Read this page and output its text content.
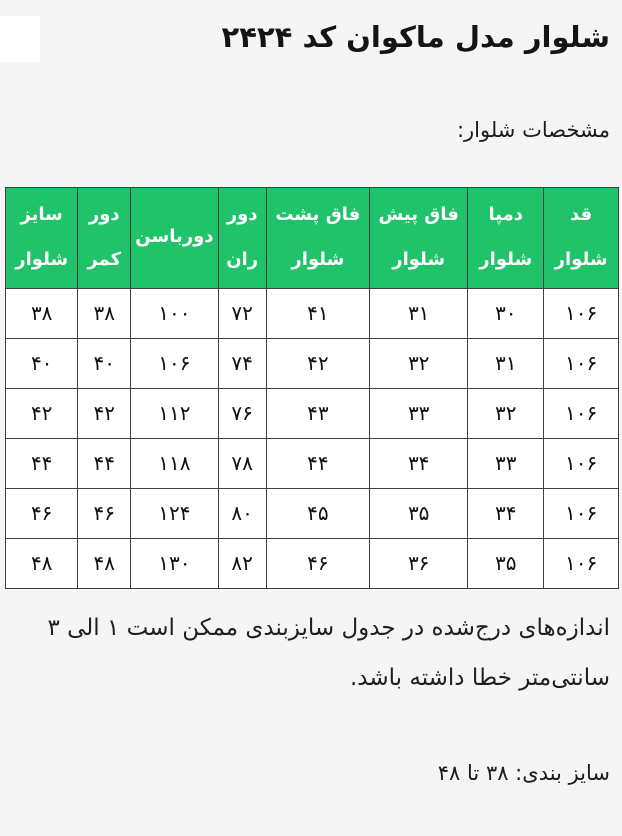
شلوار مدل ماکوان کد ۲۴۲۴
مشخصات شلوار:
قد شلوار	دمپا شلوار	فاق پیش شلوار	فاق پشت شلوار	دور ران	دورباسن	دور کمر	سایز شلوار
۱۰۶	۳۰	۳۱	۴۱	۷۲	۱۰۰	۳۸	۳۸
۱۰۶	۳۱	۳۲	۴۲	۷۴	۱۰۶	۴۰	۴۰
۱۰۶	۳۲	۳۳	۴۳	۷۶	۱۱۲	۴۲	۴۲
۱۰۶	۳۳	۳۴	۴۴	۷۸	۱۱۸	۴۴	۴۴
۱۰۶	۳۴	۳۵	۴۵	۸۰	۱۲۴	۴۶	۴۶
۱۰۶	۳۵	۳۶	۴۶	۸۲	۱۳۰	۴۸	۴۸

اندازه‌های درج‌شده در جدول سایزبندی ممکن است ۱ الی ۳
سانتی‌متر خطا داشته باشد.

سایز بندی: ۳۸ تا ۴۸
